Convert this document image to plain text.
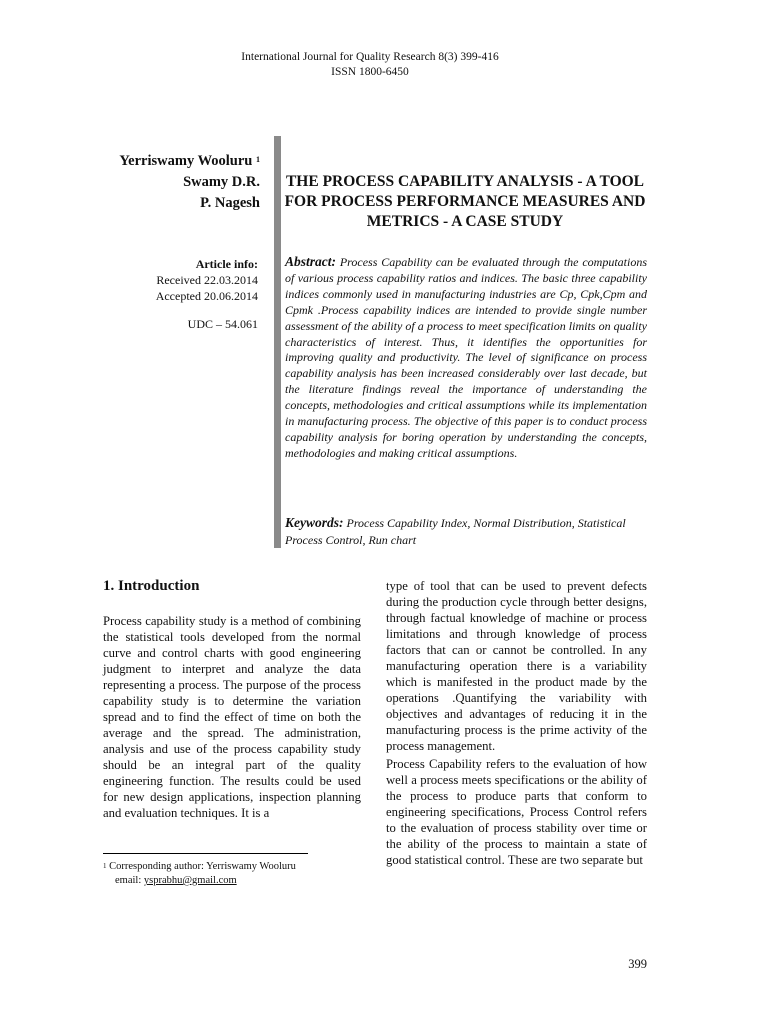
International Journal for Quality Research 8(3) 399-416
ISSN 1800-6450
Yerriswamy Wooluru $^1$
Swamy D.R.
P. Nagesh
Article info:
Received 22.03.2014
Accepted 20.06.2014
UDC – 54.061
THE PROCESS CAPABILITY ANALYSIS - A TOOL FOR PROCESS PERFORMANCE MEASURES AND METRICS - A CASE STUDY
Abstract: Process Capability can be evaluated through the computations of various process capability ratios and indices. The basic three capability indices commonly used in manufacturing industries are Cp, Cpk,Cpm and Cpmk .Process capability indices are intended to provide single number assessment of the ability of a process to meet specification limits on quality characteristics of interest. Thus, it identifies the opportunities for improving quality and productivity. The level of significance on process capability analysis has been increased considerably over last decade, but the literature findings reveal the importance of understanding the concepts, methodologies and critical assumptions while its implementation in manufacturing process. The objective of this paper is to conduct process capability analysis for boring operation by understanding the concepts, methodologies and making critical assumptions.
Keywords: Process Capability Index, Normal Distribution, Statistical Process Control, Run chart
1. Introduction

Process capability study is a method of combining the statistical tools developed from the normal curve and control charts with good engineering judgment to interpret and analyze the data representing a process. The purpose of the process capability study is to determine the variation spread and to find the effect of time on both the average and the spread. The administration, analysis and use of the process capability study should be an integral part of the quality engineering function. The results could be used for new design applications, inspection planning and evaluation techniques. It is a

type of tool that can be used to prevent defects during the production cycle through better designs, through factual knowledge of machine or process limitations and through knowledge of process factors that can or cannot be controlled. In any manufacturing operation there is a variability which is manifested in the product made by the operations .Quantifying the variability with objectives and advantages of reducing it in the manufacturing process is the prime activity of the process management.

Process Capability refers to the evaluation of how well a process meets specifications or the ability of the process to produce parts that conform to engineering specifications, Process Control refers to the evaluation of process stability over time or the ability of the process to maintain a state of good statistical control. These are two separate but

$^1$ Corresponding author: Yerriswamy Wooluru
email: ysprabhu@gmail.com
399
